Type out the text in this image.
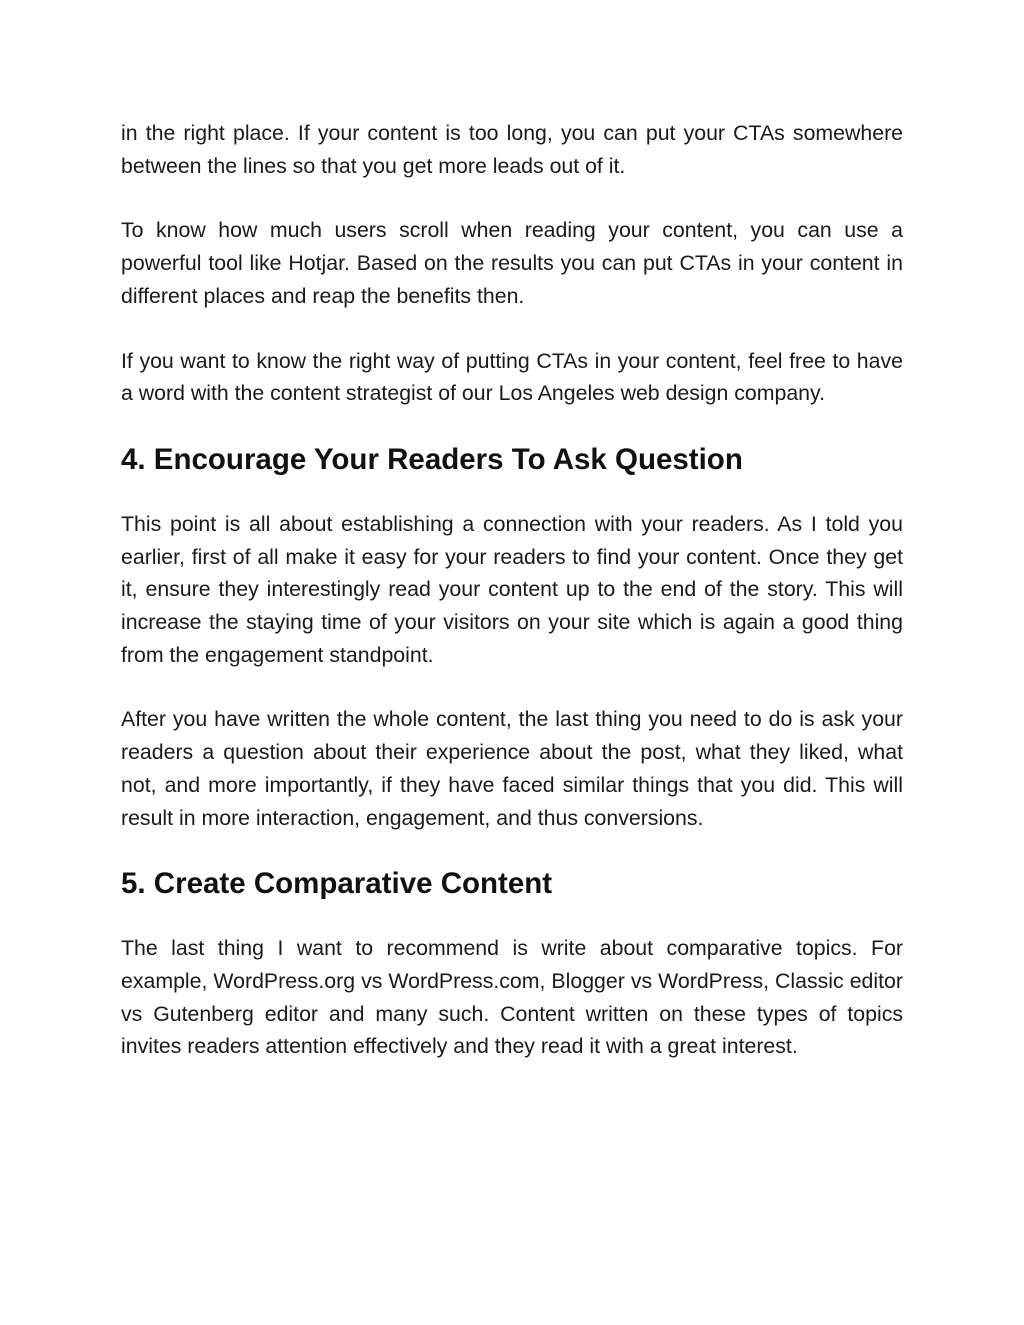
in the right place. If your content is too long, you can put your CTAs somewhere between the lines so that you get more leads out of it.

To know how much users scroll when reading your content, you can use a powerful tool like Hotjar. Based on the results you can put CTAs in your content in different places and reap the benefits then.

If you want to know the right way of putting CTAs in your content, feel free to have a word with the content strategist of our Los Angeles web design company.

4. Encourage Your Readers To Ask Question

This point is all about establishing a connection with your readers. As I told you earlier, first of all make it easy for your readers to find your content. Once they get it, ensure they interestingly read your content up to the end of the story. This will increase the staying time of your visitors on your site which is again a good thing from the engagement standpoint.

After you have written the whole content, the last thing you need to do is ask your readers a question about their experience about the post, what they liked, what not, and more importantly, if they have faced similar things that you did. This will result in more interaction, engagement, and thus conversions.

5. Create Comparative Content

The last thing I want to recommend is write about comparative topics. For example, WordPress.org vs WordPress.com, Blogger vs WordPress, Classic editor vs Gutenberg editor and many such. Content written on these types of topics invites readers attention effectively and they read it with a great interest.
